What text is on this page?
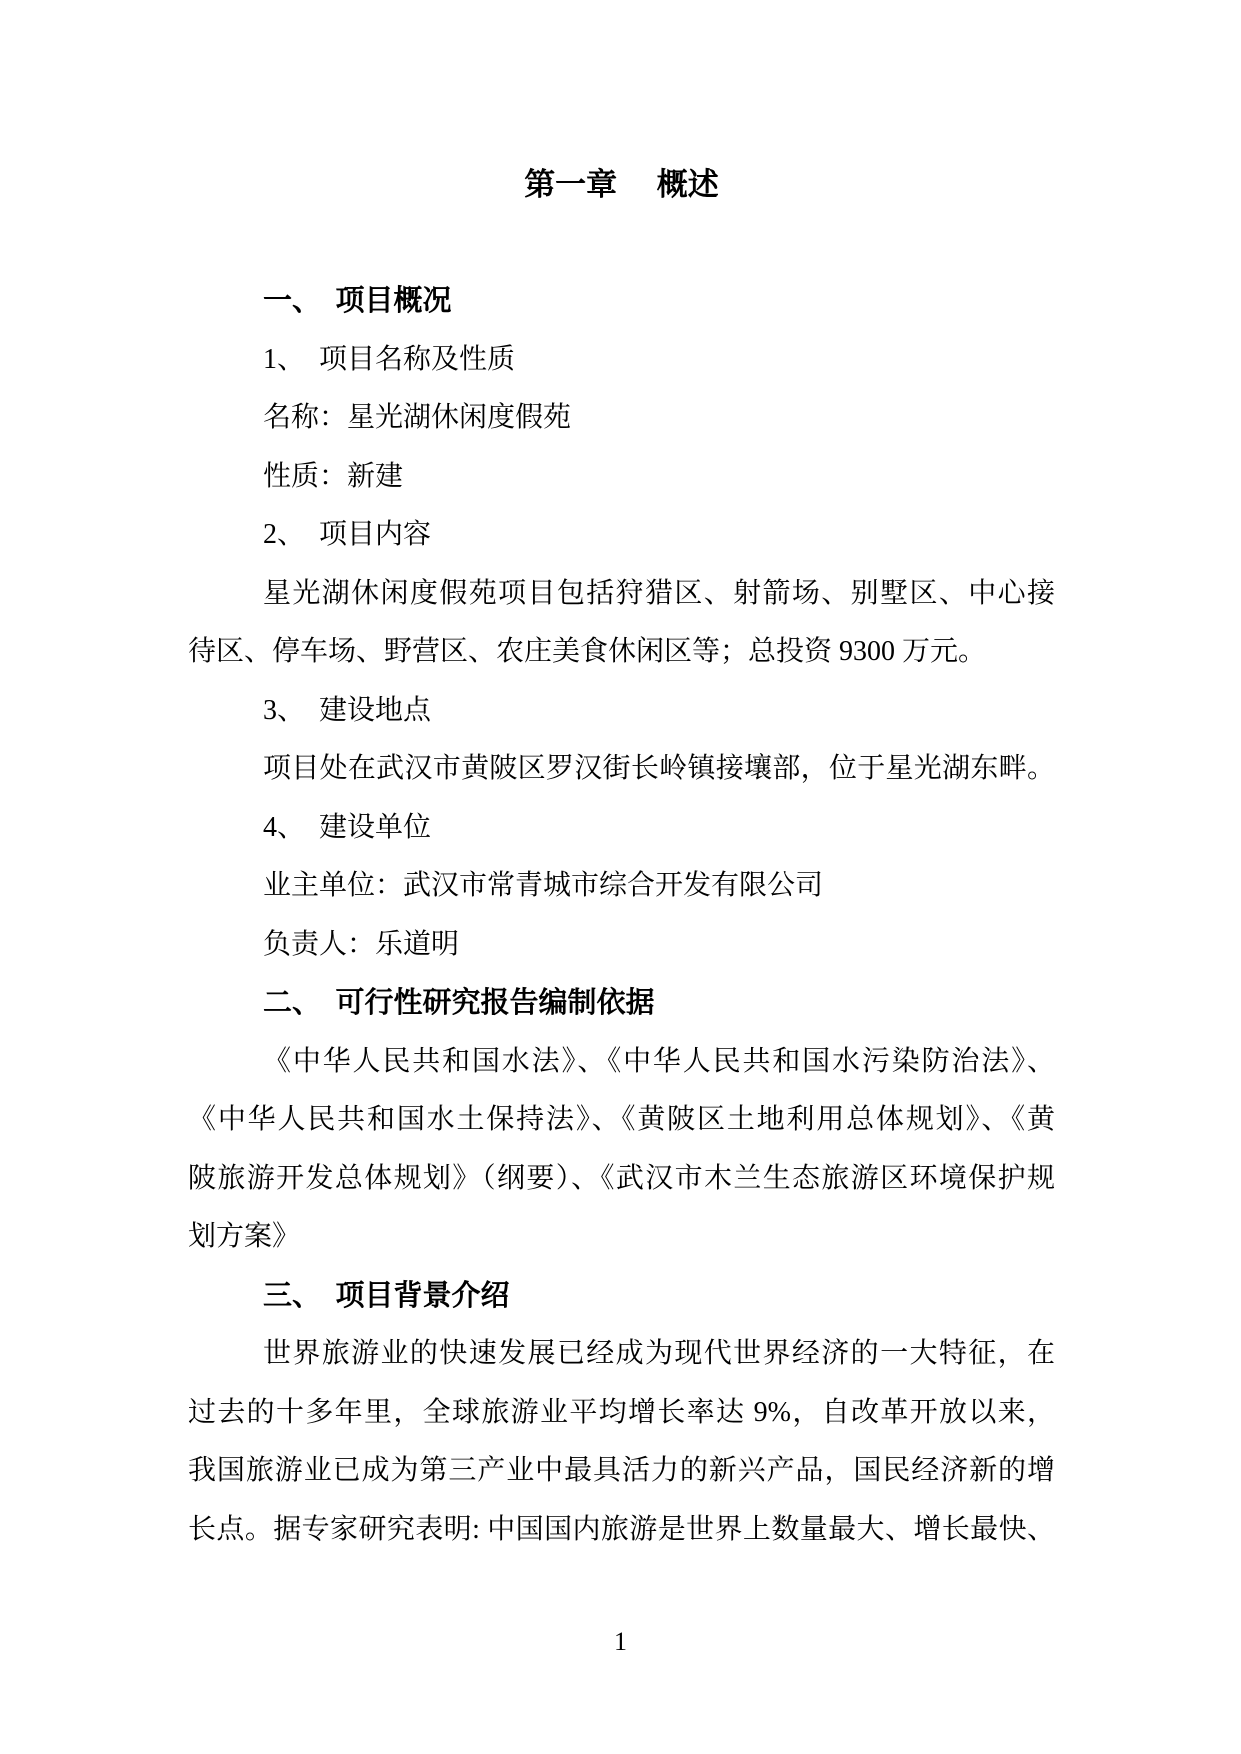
第一章　 概述
一、　项目概况
1、　项目名称及性质
名称：星光湖休闲度假苑
性质：新建
2、　项目内容
星光湖休闲度假苑项目包括狩猎区、射箭场、别墅区、中心接
待区、停车场、野营区、农庄美食休闲区等；总投资 9300 万元。
3、　建设地点
项目处在武汉市黄陂区罗汉街长岭镇接壤部，位于星光湖东畔。
4、　建设单位
业主单位：武汉市常青城市综合开发有限公司
负责人：乐道明
二、　可行性研究报告编制依据
《中华人民共和国水法》、《中华人民共和国水污染防治法》、
《中华人民共和国水土保持法》、《黄陂区土地利用总体规划》、《黄
陂旅游开发总体规划》（纲要）、《武汉市木兰生态旅游区环境保护规
划方案》
三、　项目背景介绍
世界旅游业的快速发展已经成为现代世界经济的一大特征，在
过去的十多年里，全球旅游业平均增长率达 9%，自改革开放以来，
我国旅游业已成为第三产业中最具活力的新兴产品，国民经济新的增
长点。据专家研究表明: 中国国内旅游是世界上数量最大、增长最快、
1
